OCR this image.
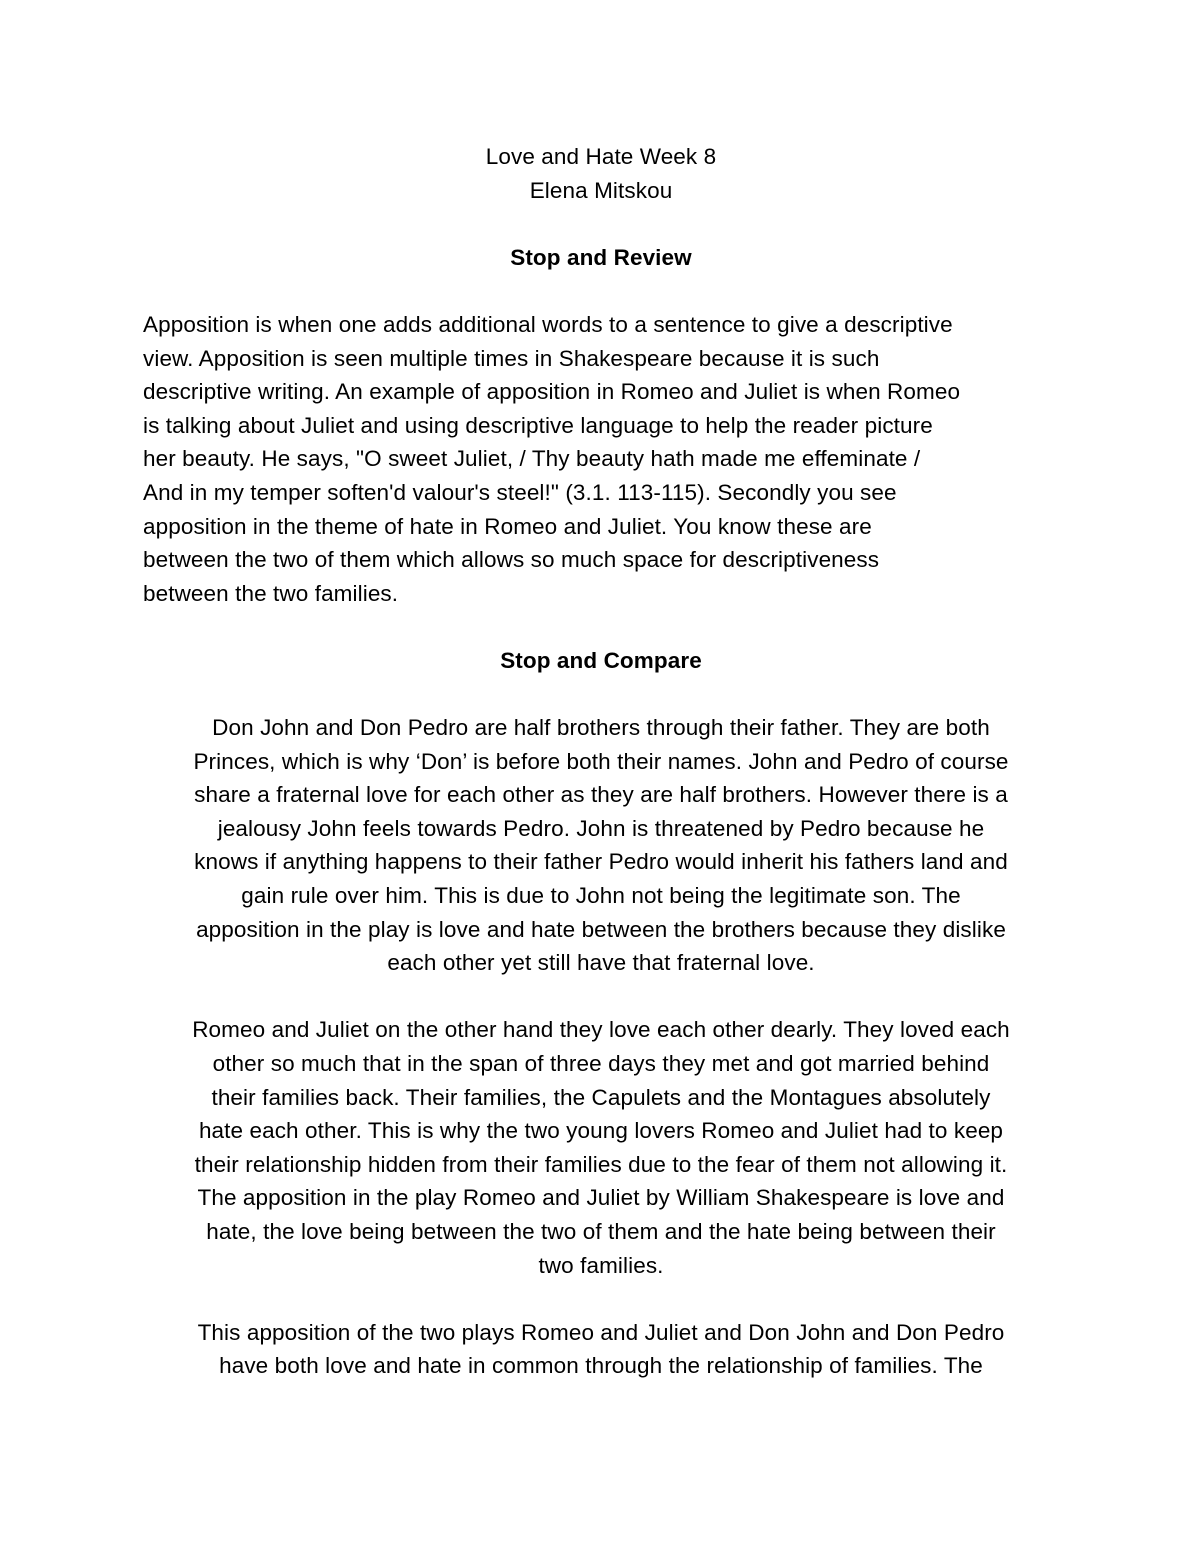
Love and Hate Week 8
Elena Mitskou
Stop and Review
Apposition is when one adds additional words to a sentence to give a descriptive
view. Apposition is seen multiple times in Shakespeare because it is such
descriptive writing. An example of apposition in Romeo and Juliet is when Romeo
is talking about Juliet and using descriptive language to help the reader picture
her beauty. He says, "O sweet Juliet, / Thy beauty hath made me effeminate /
And in my temper soften'd valour's steel!" (3.1. 113-115). Secondly you see
apposition in the theme of hate in Romeo and Juliet. You know these are
between the two of them which allows so much space for descriptiveness
between the two families.
Stop and Compare
Don John and Don Pedro are half brothers through their father. They are both
Princes, which is why ‘Don’ is before both their names. John and Pedro of course
share a fraternal love for each other as they are half brothers. However there is a
jealousy John feels towards Pedro. John is threatened by Pedro because he
knows if anything happens to their father Pedro would inherit his fathers land and
gain rule over him. This is due to John not being the legitimate son. The
apposition in the play is love and hate between the brothers because they dislike
each other yet still have that fraternal love.
Romeo and Juliet on the other hand they love each other dearly. They loved each
other so much that in the span of three days they met and got married behind
their families back. Their families, the Capulets and the Montagues absolutely
hate each other. This is why the two young lovers Romeo and Juliet had to keep
their relationship hidden from their families due to the fear of them not allowing it.
The apposition in the play Romeo and Juliet by William Shakespeare is love and
hate, the love being between the two of them and the hate being between their
two families.
This apposition of the two plays Romeo and Juliet and Don John and Don Pedro
have both love and hate in common through the relationship of families. The
